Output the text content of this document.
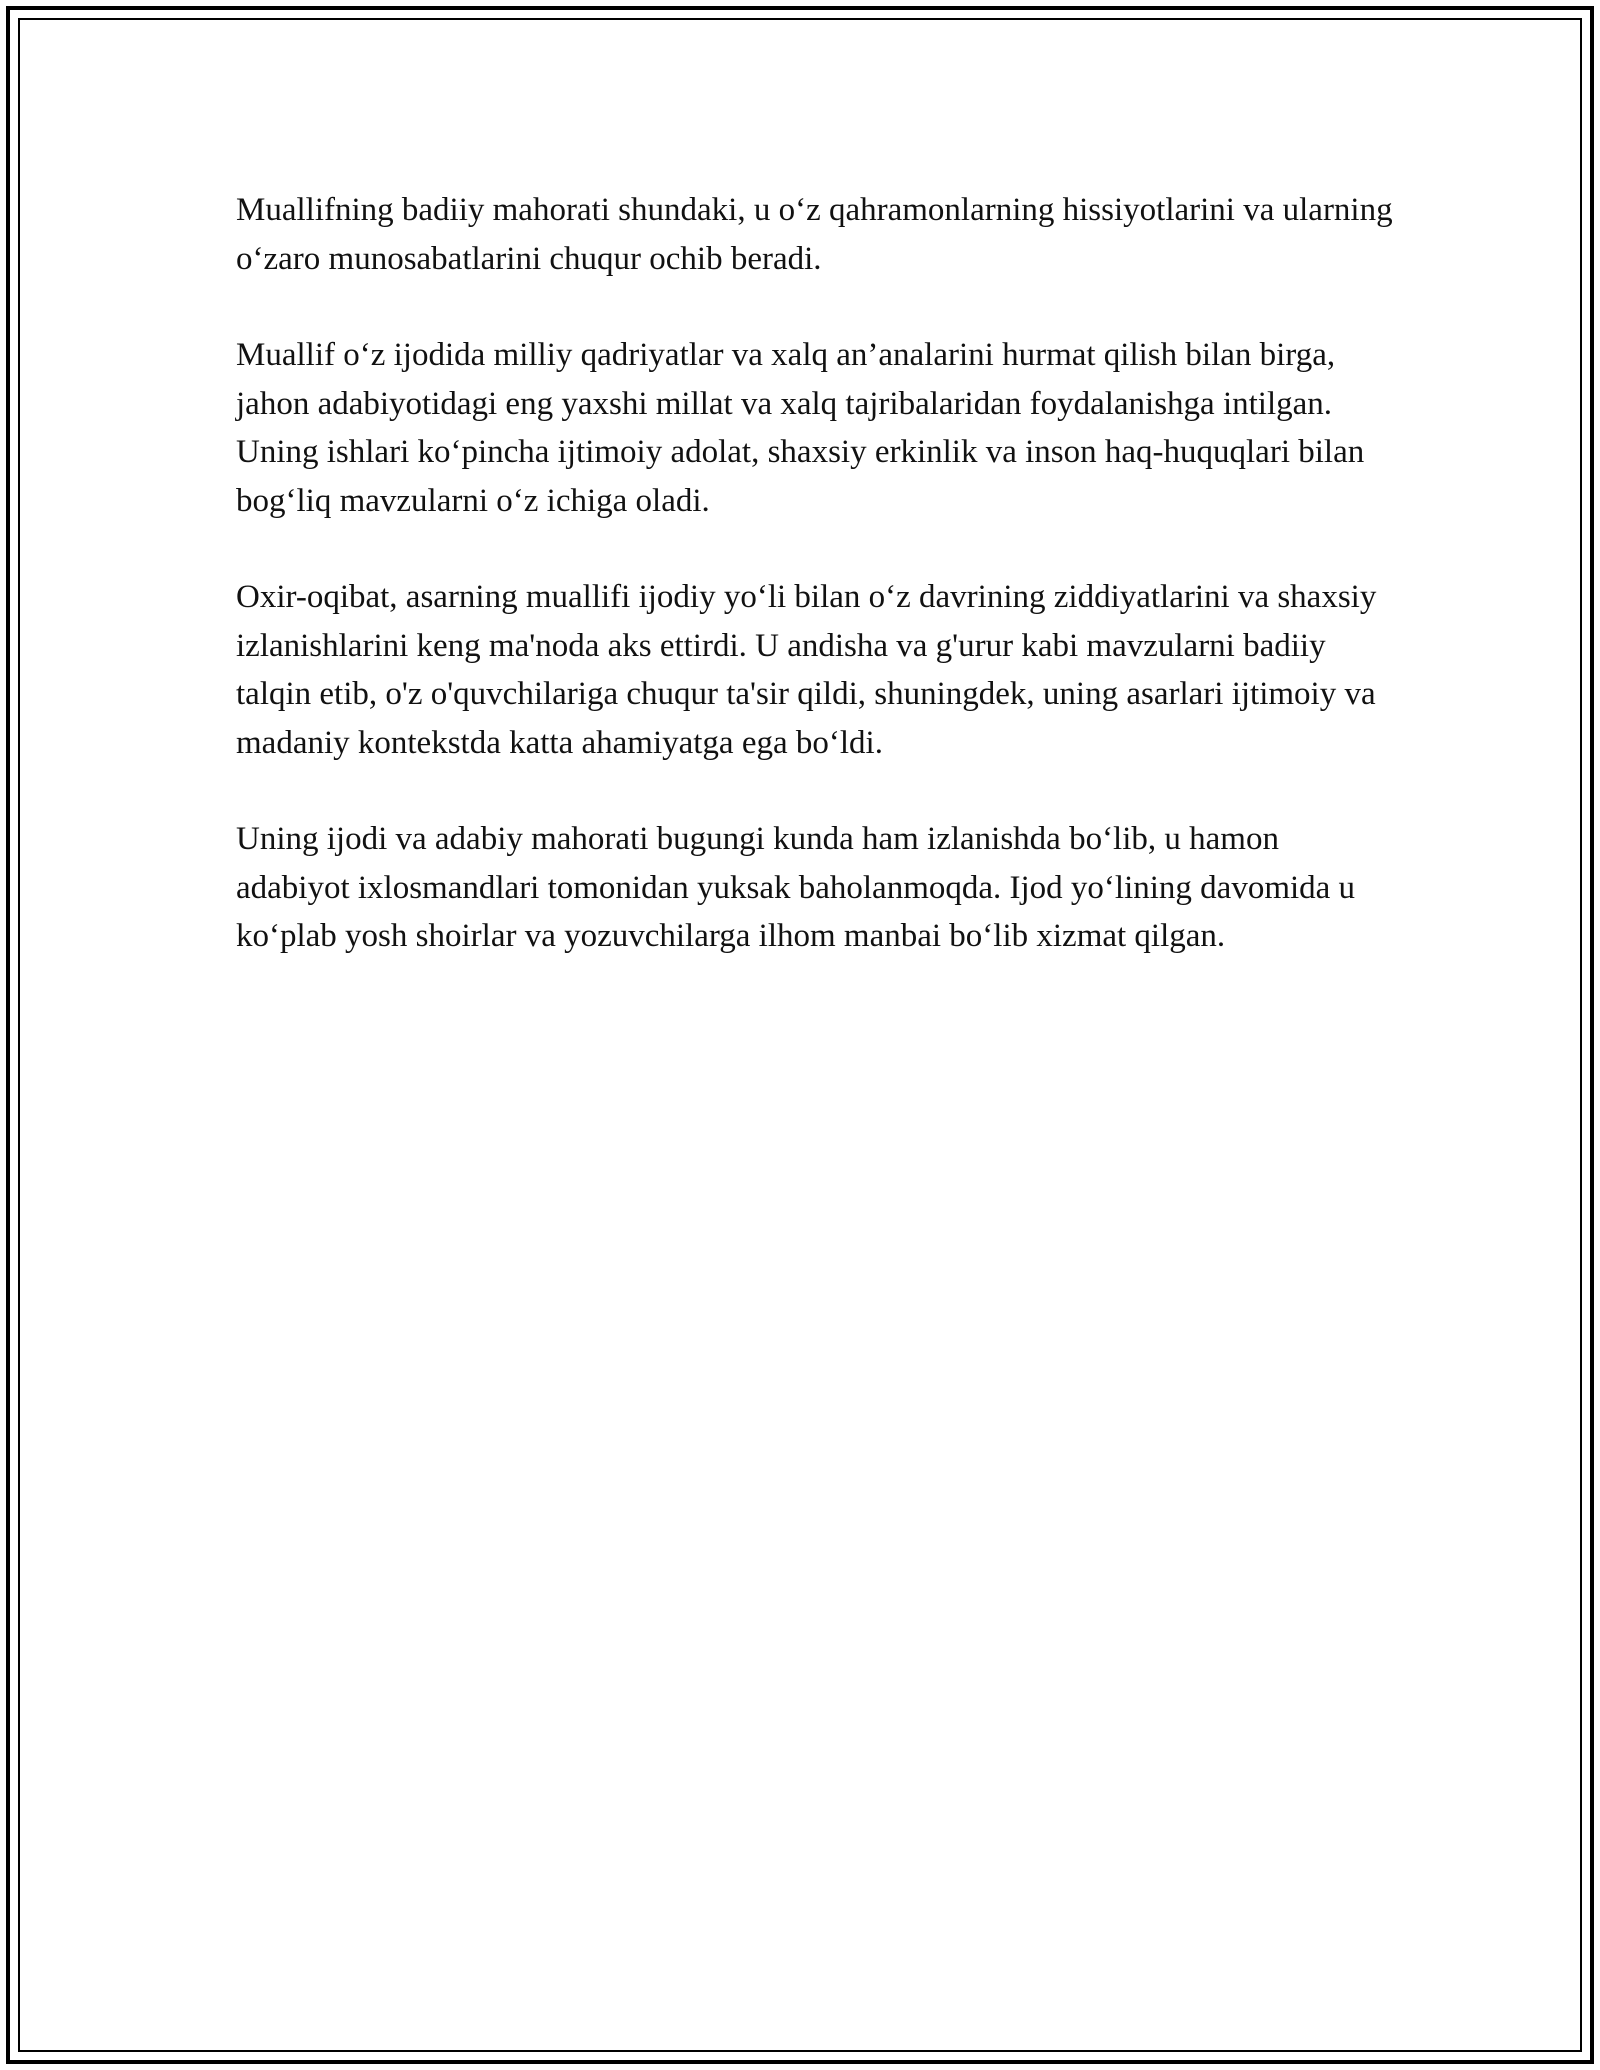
Muallifning badiiy mahorati shundaki, u o‘z qahramonlarning hissiyotlarini va ularning o‘zaro munosabatlarini chuqur ochib beradi.

Muallif o‘z ijodida milliy qadriyatlar va xalq an’analarini hurmat qilish bilan birga, jahon adabiyotidagi eng yaxshi millat va xalq tajribalaridan foydalanishga intilgan. Uning ishlari ko‘pincha ijtimoiy adolat, shaxsiy erkinlik va inson haq-huquqlari bilan bog‘liq mavzularni o‘z ichiga oladi.

Oxir-oqibat, asarning muallifi ijodiy yo‘li bilan o‘z davrining ziddiyatlarini va shaxsiy izlanishlarini keng ma'noda aks ettirdi. U andisha va g'urur kabi mavzularni badiiy talqin etib, o'z o'quvchilariga chuqur ta'sir qildi, shuningdek, uning asarlari ijtimoiy va madaniy kontekstda katta ahamiyatga ega bo‘ldi.

Uning ijodi va adabiy mahorati bugungi kunda ham izlanishda bo‘lib, u hamon adabiyot ixlosmandlari tomonidan yuksak baholanmoqda. Ijod yo‘lining davomida u ko‘plab yosh shoirlar va yozuvchilarga ilhom manbai bo‘lib xizmat qilgan.
